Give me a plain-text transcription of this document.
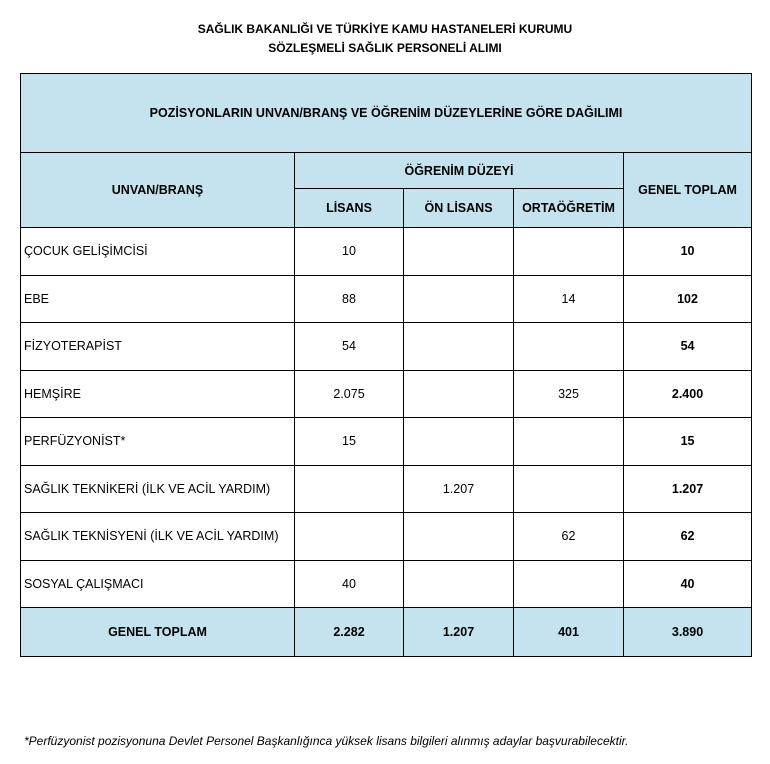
SAĞLIK BAKANLIĞI VE TÜRKİYE KAMU HASTANELERİ KURUMU
SÖZLEŞMELİ SAĞLIK PERSONELİ ALIMI
POZİSYONLARIN UNVAN/BRANŞ VE ÖĞRENİM DÜZEYLERİNE GÖRE DAĞILIMI				
UNVAN/BRANŞ	ÖĞRENİM DÜZEYİ			GENEL TOPLAM
	LİSANS	ÖN LİSANS	ORTAÖĞRETİM	
ÇOCUK GELİŞİMCİSİ	10			10
EBE	88		14	102
FİZYOTERAPİST	54			54
HEMŞİRE	2.075		325	2.400
PERFÜZYONİST*	15			15
SAĞLIK TEKNİKERİ (İLK VE ACİL YARDIM)		1.207		1.207
SAĞLIK TEKNİSYENİ (İLK VE ACİL YARDIM)			62	62
SOSYAL ÇALIŞMACI	40			40
GENEL TOPLAM	2.282	1.207	401	3.890
*Perfüzyonist pozisyonuna Devlet Personel Başkanlığınca yüksek lisans bilgileri alınmış adaylar başvurabilecektir.
